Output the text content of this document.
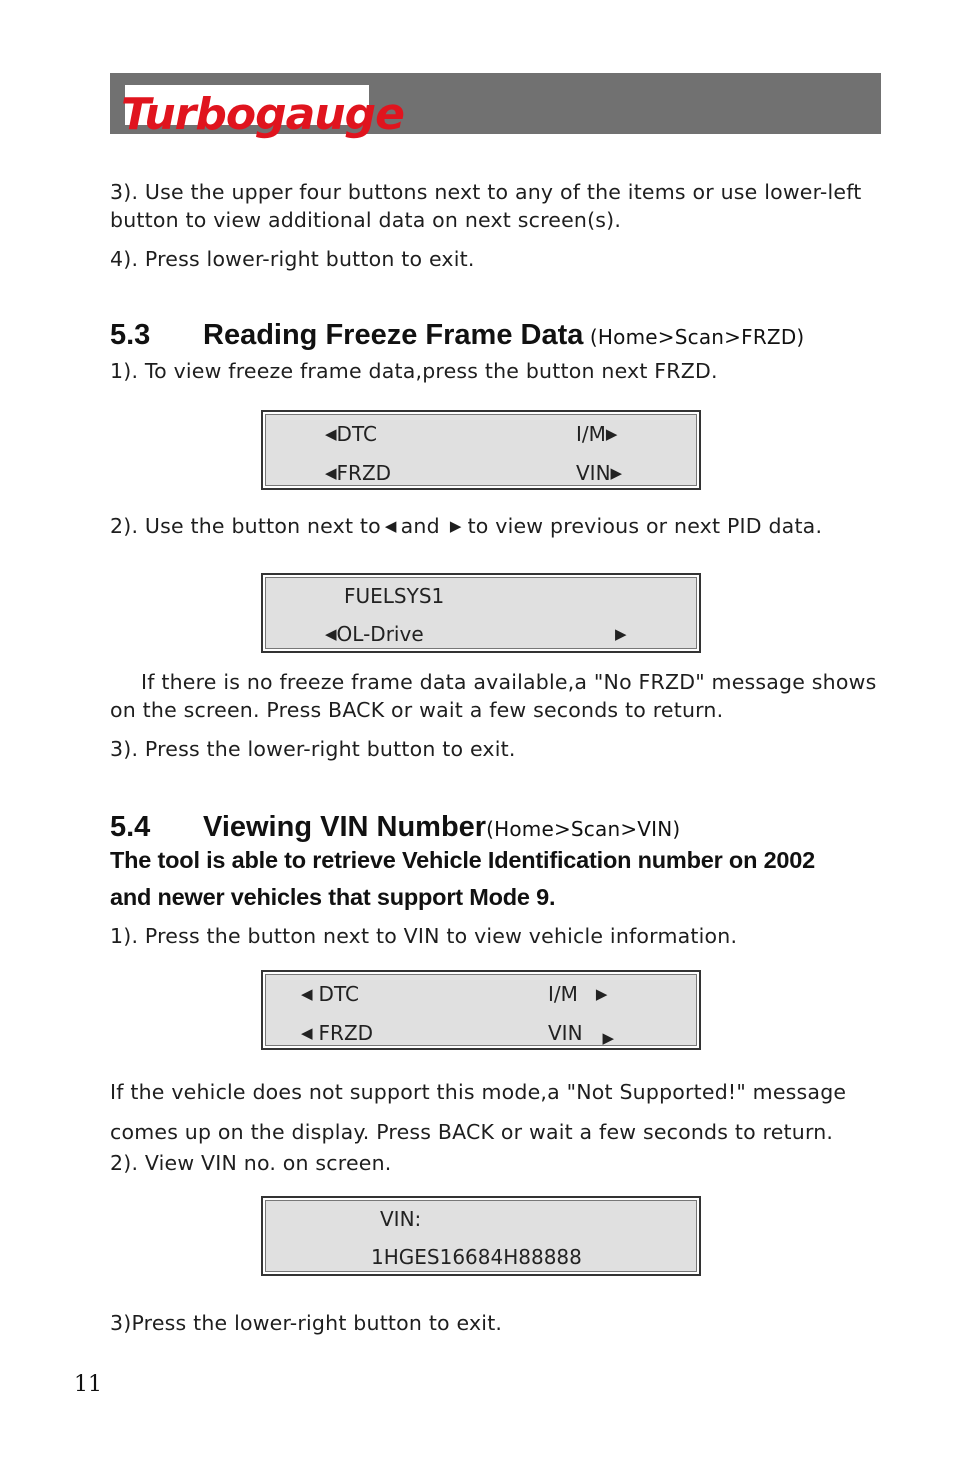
Turbogauge
3). Use the upper four buttons next to any of the items or use lower-left
button to view additional data on next screen(s).
4). Press lower-right button to exit.
5.3 Reading Freeze Frame Data (Home>Scan>FRZD)
1). To view freeze frame data,press the button next FRZD.
◀DTC	I/M▶
◀FRZD	VIN▶
2). Use the button next to ◀ and ▶ to view previous or next PID data.
FUELSYS1
◀OL-Drive	▶
If there is no freeze frame data available,a "No FRZD" message shows
on the screen. Press BACK or wait a few seconds to return.
3). Press the lower-right button to exit.
5.4 Viewing VIN Number(Home>Scan>VIN)
The tool is able to retrieve Vehicle Identification number on 2002
and newer vehicles that support Mode 9.
1). Press the button next to VIN to view vehicle information.
◀ DTC	I/M ▶
◀ FRZD	VIN ▶
If the vehicle does not support this mode,a "Not Supported!" message
comes up on the display. Press BACK or wait a few seconds to return.
2). View VIN no. on screen.
VIN:
1HGES16684H88888
3)Press the lower-right button to exit.
11
